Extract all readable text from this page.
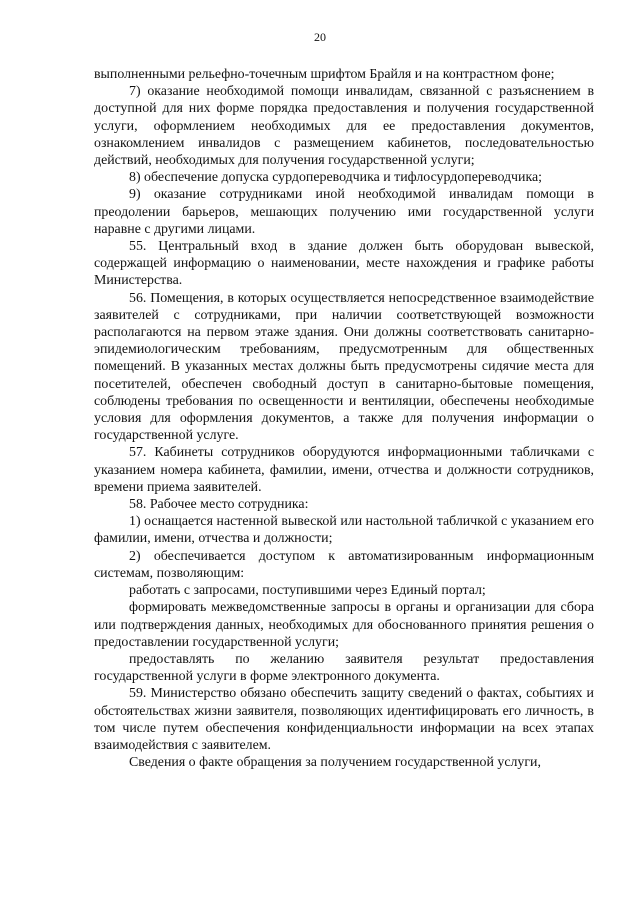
20

выполненными рельефно-точечным шрифтом Брайля и на контрастном фоне;

7) оказание необходимой помощи инвалидам, связанной с разъяснением в доступной для них форме порядка предоставления и получения государственной услуги, оформлением необходимых для ее предоставления документов, ознакомлением инвалидов с размещением кабинетов, последовательностью действий, необходимых для получения государственной услуги;

8) обеспечение допуска сурдопереводчика и тифлосурдопереводчика;

9) оказание сотрудниками иной необходимой инвалидам помощи в преодолении барьеров, мешающих получению ими государственной услуги наравне с другими лицами.

55. Центральный вход в здание должен быть оборудован вывеской, содержащей информацию о наименовании, месте нахождения и графике работы Министерства.

56. Помещения, в которых осуществляется непосредственное взаимодействие заявителей с сотрудниками, при наличии соответствующей возможности располагаются на первом этаже здания. Они должны соответствовать санитарно-эпидемиологическим требованиям, предусмотренным для общественных помещений. В указанных местах должны быть предусмотрены сидячие места для посетителей, обеспечен свободный доступ в санитарно-бытовые помещения, соблюдены требования по освещенности и вентиляции, обеспечены необходимые условия для оформления документов, а также для получения информации о государственной услуге.

57. Кабинеты сотрудников оборудуются информационными табличками с указанием номера кабинета, фамилии, имени, отчества и должности сотрудников, времени приема заявителей.

58. Рабочее место сотрудника:

1) оснащается настенной вывеской или настольной табличкой с указанием его фамилии, имени, отчества и должности;

2) обеспечивается доступом к автоматизированным информационным системам, позволяющим:

работать с запросами, поступившими через Единый портал;

формировать межведомственные запросы в органы и организации для сбора или подтверждения данных, необходимых для обоснованного принятия решения о предоставлении государственной услуги;

предоставлять по желанию заявителя результат предоставления государственной услуги в форме электронного документа.

59. Министерство обязано обеспечить защиту сведений о фактах, событиях и обстоятельствах жизни заявителя, позволяющих идентифицировать его личность, в том числе путем обеспечения конфиденциальности информации на всех этапах взаимодействия с заявителем.

Сведения о факте обращения за получением государственной услуги,
